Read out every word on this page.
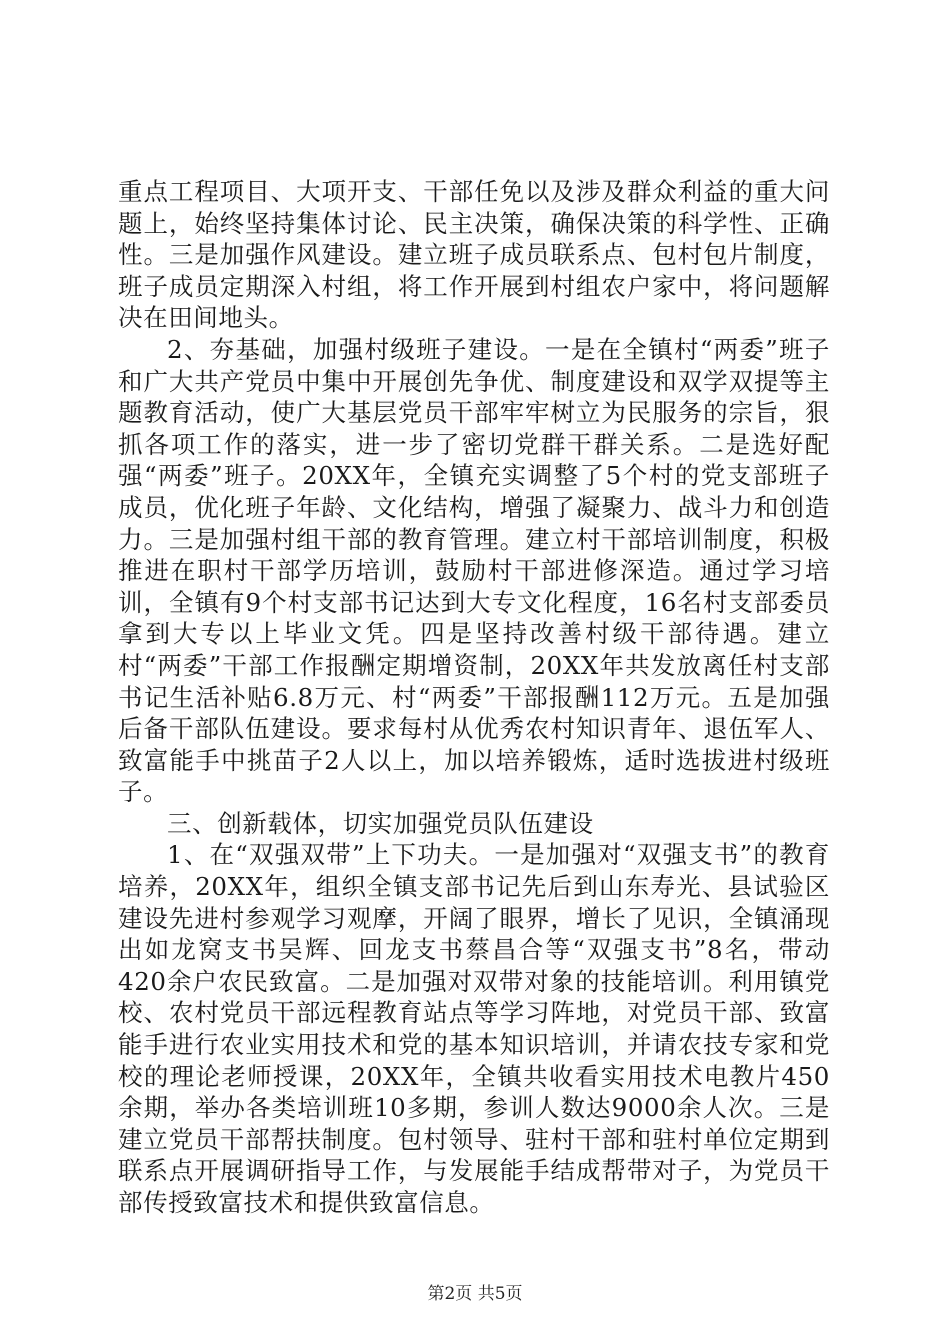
重点工程项目、大项开支、干部任免以及涉及群众利益的重大问题上，始终坚持集体讨论、民主决策，确保决策的科学性、正确性。三是加强作风建设。建立班子成员联系点、包村包片制度，班子成员定期深入村组，将工作开展到村组农户家中，将问题解决在田间地头。

2、夯基础，加强村级班子建设。一是在全镇村“两委”班子和广大共产党员中集中开展创先争优、制度建设和双学双提等主题教育活动，使广大基层党员干部牢牢树立为民服务的宗旨，狠抓各项工作的落实，进一步了密切党群干群关系。二是选好配强“两委”班子。20XX年，全镇充实调整了5个村的党支部班子成员，优化班子年龄、文化结构，增强了凝聚力、战斗力和创造力。三是加强村组干部的教育管理。建立村干部培训制度，积极推进在职村干部学历培训，鼓励村干部进修深造。通过学习培训，全镇有9个村支部书记达到大专文化程度，16名村支部委员拿到大专以上毕业文凭。四是坚持改善村级干部待遇。建立村“两委”干部工作报酬定期增资制，20XX年共发放离任村支部书记生活补贴6.8万元、村“两委”干部报酬112万元。五是加强后备干部队伍建设。要求每村从优秀农村知识青年、退伍军人、致富能手中挑苗子2人以上，加以培养锻炼，适时选拔进村级班子。

三、创新载体，切实加强党员队伍建设

1、在“双强双带”上下功夫。一是加强对“双强支书”的教育培养，20XX年，组织全镇支部书记先后到山东寿光、县试验区建设先进村参观学习观摩，开阔了眼界，增长了见识，全镇涌现出如龙窝支书吴辉、回龙支书蔡昌合等“双强支书”8名，带动420余户农民致富。二是加强对双带对象的技能培训。利用镇党校、农村党员干部远程教育站点等学习阵地，对党员干部、致富能手进行农业实用技术和党的基本知识培训，并请农技专家和党校的理论老师授课，20XX年，全镇共收看实用技术电教片450余期，举办各类培训班10多期，参训人数达9000余人次。三是建立党员干部帮扶制度。包村领导、驻村干部和驻村单位定期到联系点开展调研指导工作，与发展能手结成帮带对子，为党员干部传授致富技术和提供致富信息。

第2页 共5页
